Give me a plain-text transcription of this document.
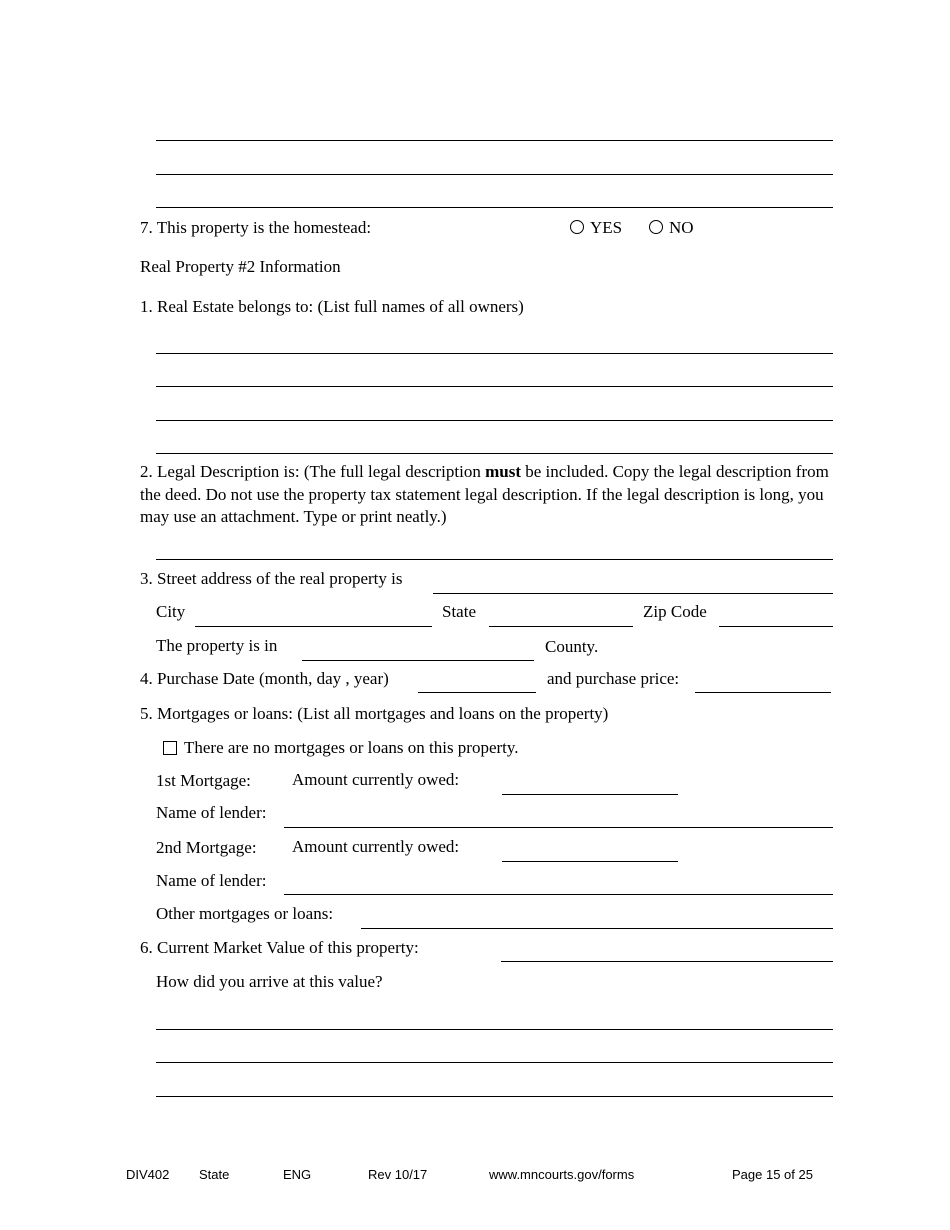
7. This property is the homestead:	YES	NO
Real Property #2 Information
1. Real Estate belongs to: (List full names of all owners)
2. Legal Description is: (The full legal description must be included. Copy the legal description from the deed. Do not use the property tax statement legal description. If the legal description is long, you may use an attachment. Type or print neatly.)
3. Street address of the real property is
City	State	Zip Code
The property is in	County.
4. Purchase Date (month, day , year)	and purchase price:
5. Mortgages or loans: (List all mortgages and loans on the property)
There are no mortgages or loans on this property.
1st Mortgage: Amount currently owed:
Name of lender:
2nd Mortgage: Amount currently owed:
Name of lender:
Other mortgages or loans:
6. Current Market Value of this property:
How did you arrive at this value?
DIV402 State	ENG	Rev 10/17	www.mncourts.gov/forms	Page 15 of 25
